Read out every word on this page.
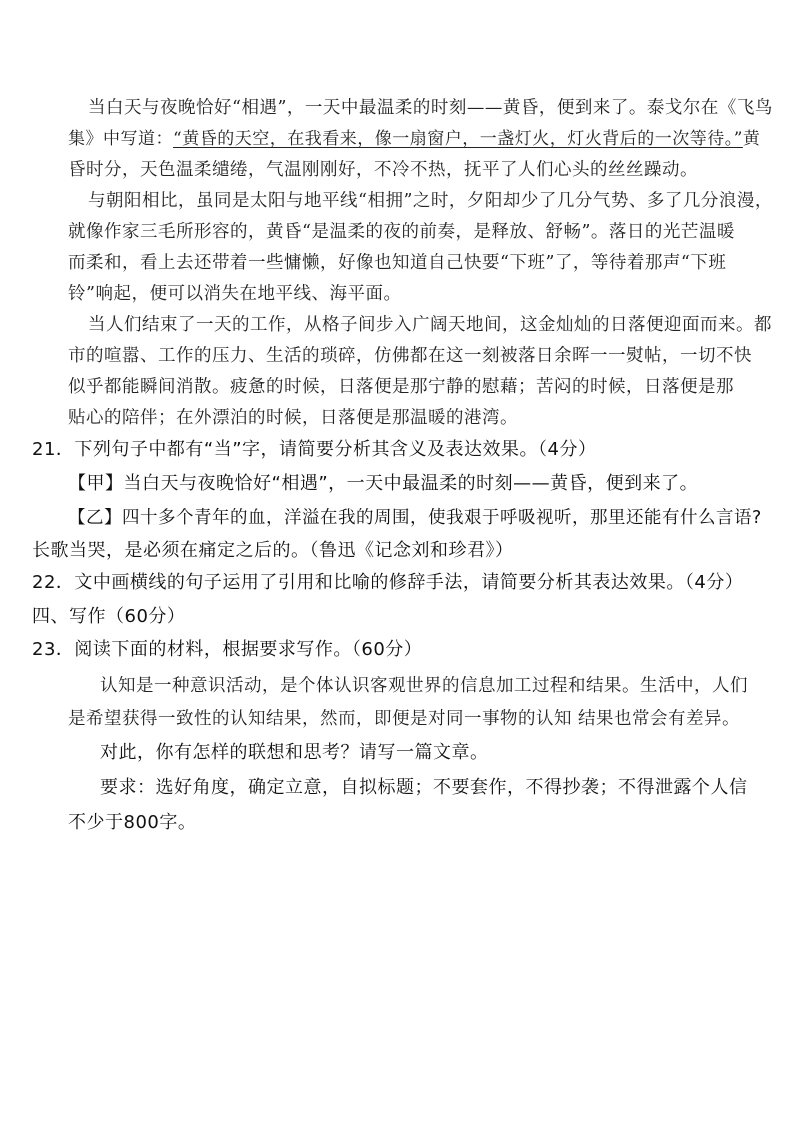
当白天与夜晚恰好“相遇”，一天中最温柔的时刻——黄昏，便到来了。泰戈尔在《飞鸟
集》中写道：“黄昏的天空，在我看来，像一扇窗户，一盏灯火，灯火背后的一次等待。”黄
昏时分，天色温柔缱绻，气温刚刚好，不冷不热，抚平了人们心头的丝丝躁动。
与朝阳相比，虽同是太阳与地平线“相拥”之时，夕阳却少了几分气势、多了几分浪漫，
就像作家三毛所形容的，黄昏“是温柔的夜的前奏，是释放、舒畅”。落日的光芒温暖
而柔和，看上去还带着一些慵懒，好像也知道自己快要“下班”了，等待着那声“下班
铃”响起，便可以消失在地平线、海平面。
当人们结束了一天的工作，从格子间步入广阔天地间，这金灿灿的日落便迎面而来。都
市的喧嚣、工作的压力、生活的琐碎，仿佛都在这一刻被落日余晖一一熨帖，一切不快
似乎都能瞬间消散。疲惫的时候，日落便是那宁静的慰藉；苦闷的时候，日落便是那
贴心的陪伴；在外漂泊的时候，日落便是那温暖的港湾。
21．下列句子中都有“当”字，请简要分析其含义及表达效果。（4分）
【甲】当白天与夜晚恰好“相遇”，一天中最温柔的时刻——黄昏，便到来了。
【乙】四十多个青年的血，洋溢在我的周围，使我艰于呼吸视听，那里还能有什么言语?
长歌当哭，是必须在痛定之后的。（鲁迅《记念刘和珍君》）
22．文中画横线的句子运用了引用和比喻的修辞手法，请简要分析其表达效果。（4分）
四、写作（60分）
23．阅读下面的材料，根据要求写作。（60分）
认知是一种意识活动，是个体认识客观世界的信息加工过程和结果。生活中，人们
是希望获得一致性的认知结果，然而，即便是对同一事物的认知 结果也常会有差异。
对此，你有怎样的联想和思考？请写一篇文章。
要求：选好角度，确定立意，自拟标题；不要套作，不得抄袭；不得泄露个人信
不少于800字。
